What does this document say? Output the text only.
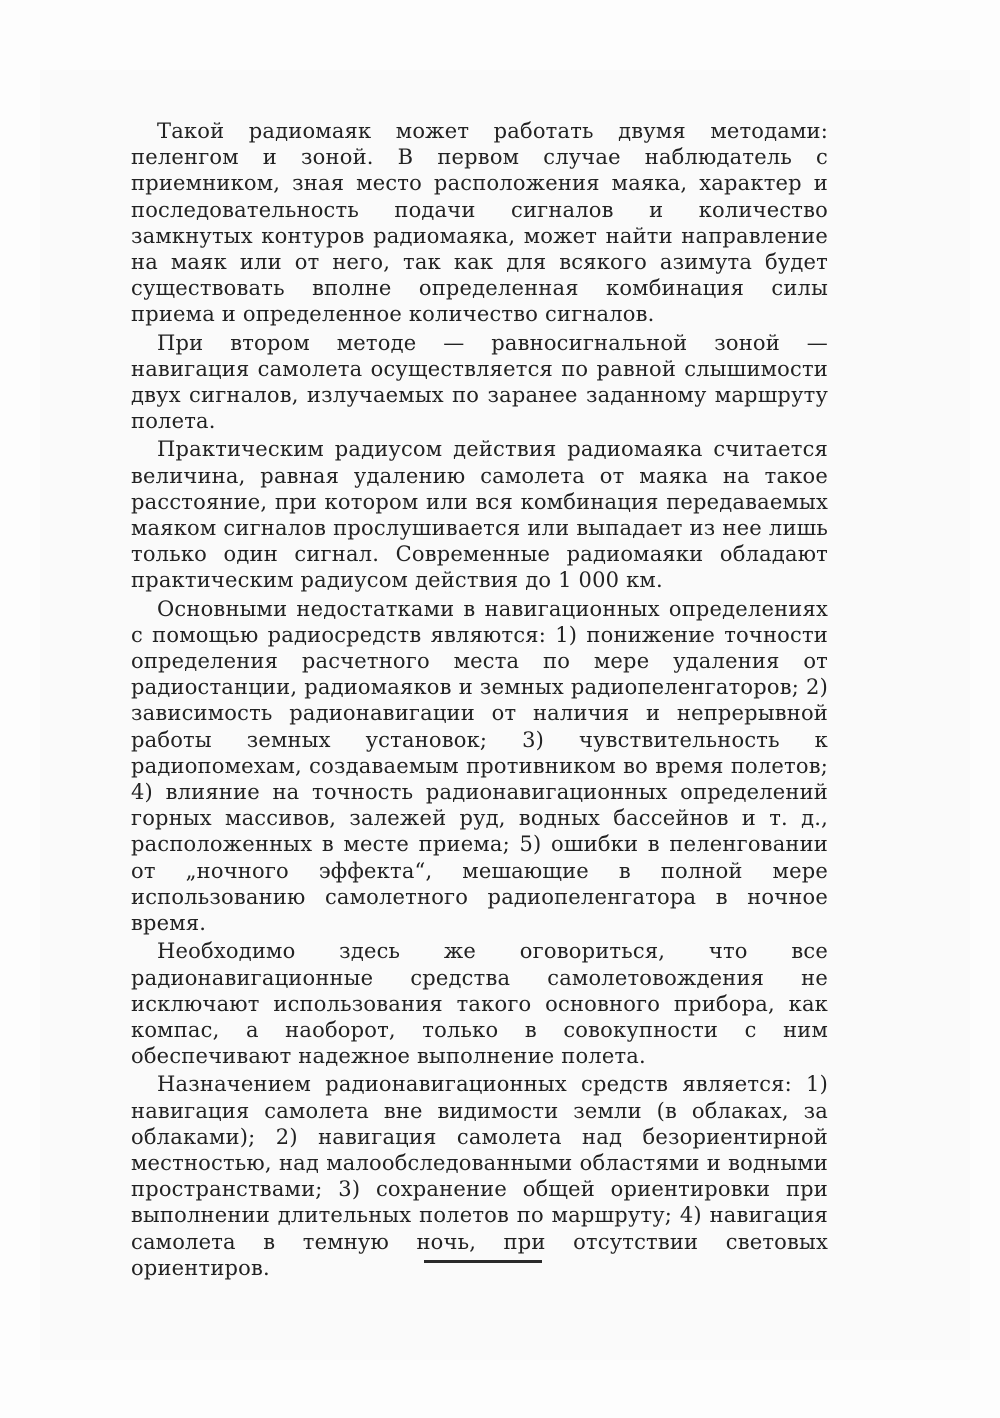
Такой радиомаяк может работать двумя методами: пеленгом и зоной. В первом случае наблюдатель с приемником, зная место расположения маяка, характер и последовательность подачи сигналов и количество замкнутых контуров радиомаяка, может найти направление на маяк или от него, так как для всякого азимута будет существовать вполне определенная комбинация силы приема и определенное количество сигналов.

При втором методе — равносигнальной зоной — навигация самолета осуществляется по равной слышимости двух сигналов, излучаемых по заранее заданному маршруту полета.

Практическим радиусом действия радиомаяка считается величина, равная удалению самолета от маяка на такое расстояние, при котором или вся комбинация передаваемых маяком сигналов прослушивается или выпадает из нее лишь только один сигнал. Современные радиомаяки обладают практическим радиусом действия до 1 000 км.

Основными недостатками в навигационных определениях с помощью радиосредств являются: 1) понижение точности определения расчетного места по мере удаления от радиостанции, радиомаяков и земных радиопеленгаторов; 2) зависимость радионавигации от наличия и непрерывной работы земных установок; 3) чувствительность к радиопомехам, создаваемым противником во время полетов; 4) влияние на точность радионавигационных определений горных массивов, залежей руд, водных бассейнов и т. д., расположенных в месте приема; 5) ошибки в пеленговании от „ночного эффекта“, мешающие в полной мере использованию самолетного радиопеленгатора в ночное время.

Необходимо здесь же оговориться, что все радионавигационные средства самолетовождения не исключают использования такого основного прибора, как компас, а наоборот, только в совокупности с ним обеспечивают надежное выполнение полета.

Назначением радионавигационных средств является: 1) навигация самолета вне видимости земли (в облаках, за облаками); 2) навигация самолета над безориентирной местностью, над малообследованными областями и водными пространствами; 3) сохранение общей ориентировки при выполнении длительных полетов по маршруту; 4) навигация самолета в темную ночь, при отсутствии световых ориентиров.
